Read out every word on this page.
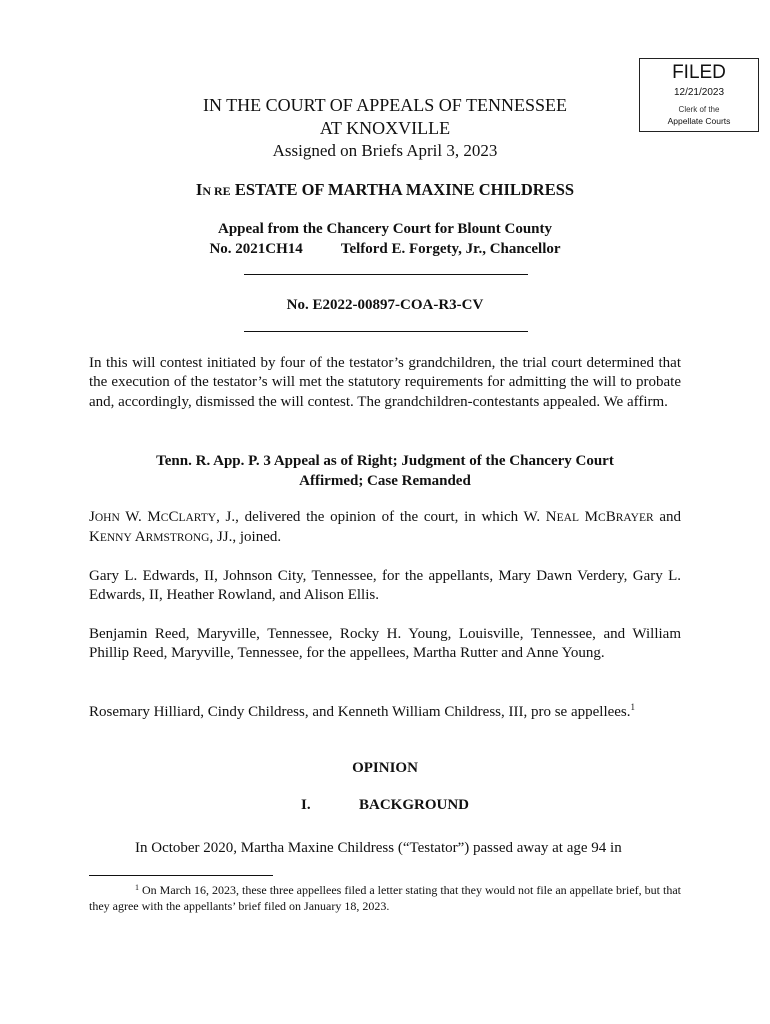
FILED
12/21/2023
Clerk of the
Appellate Courts
IN THE COURT OF APPEALS OF TENNESSEE
AT KNOXVILLE
Assigned on Briefs April 3, 2023
IN RE ESTATE OF MARTHA MAXINE CHILDRESS
Appeal from the Chancery Court for Blount County
No. 2021CH14	Telford E. Forgety, Jr., Chancellor
No. E2022-00897-COA-R3-CV
In this will contest initiated by four of the testator’s grandchildren, the trial court determined that the execution of the testator’s will met the statutory requirements for admitting the will to probate and, accordingly, dismissed the will contest. The grandchildren-contestants appealed. We affirm.
Tenn. R. App. P. 3 Appeal as of Right; Judgment of the Chancery Court
Affirmed; Case Remanded
JOHN W. MCCLARTY, J., delivered the opinion of the court, in which W. NEAL MCBRAYER and KENNY ARMSTRONG, JJ., joined.
Gary L. Edwards, II, Johnson City, Tennessee, for the appellants, Mary Dawn Verdery, Gary L. Edwards, II, Heather Rowland, and Alison Ellis.
Benjamin Reed, Maryville, Tennessee, Rocky H. Young, Louisville, Tennessee, and William Phillip Reed, Maryville, Tennessee, for the appellees, Martha Rutter and Anne Young.
Rosemary Hilliard, Cindy Childress, and Kenneth William Childress, III, pro se appellees.$^1$
OPINION
I.	BACKGROUND
In October 2020, Martha Maxine Childress (“Testator”) passed away at age 94 in
$^1$ On March 16, 2023, these three appellees filed a letter stating that they would not file an appellate brief, but that they agree with the appellants’ brief filed on January 18, 2023.
